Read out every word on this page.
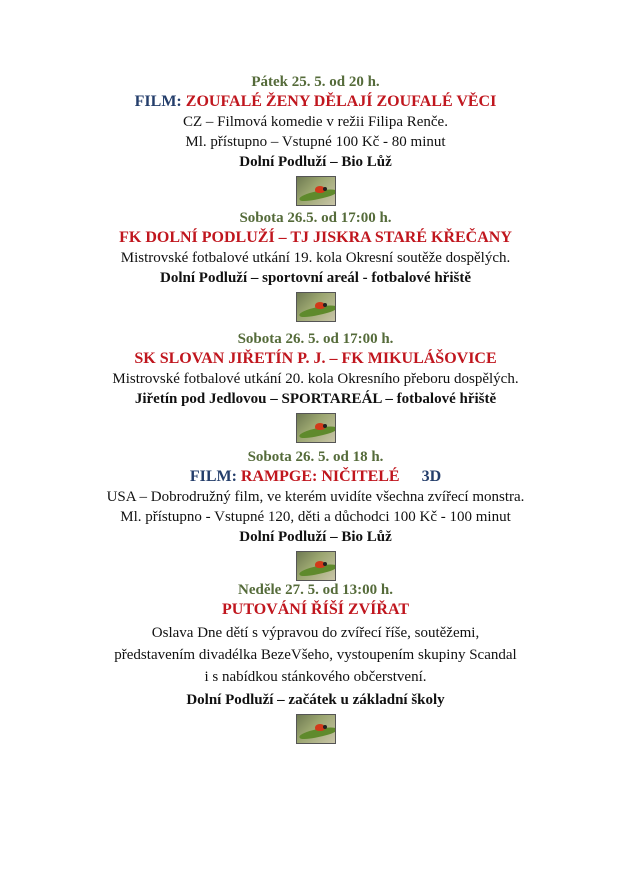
Pátek 25. 5. od 20 h.
FILM: ZOUFALÉ ŽENY DĚLAJÍ ZOUFALÉ VĚCI
CZ – Filmová komedie v režii Filipa Renče.
Ml. přístupno – Vstupné 100 Kč - 80 minut
Dolní Podluží – Bio Lůž
Sobota 26.5. od 17:00 h.
FK DOLNÍ PODLUŽÍ – TJ JISKRA STARÉ KŘEČANY
Mistrovské fotbalové utkání 19. kola Okresní soutěže dospělých.
Dolní Podluží – sportovní areál - fotbalové hřiště
Sobota 26. 5. od 17:00 h.
SK SLOVAN JIŘETÍN P. J. – FK MIKULÁŠOVICE
Mistrovské fotbalové utkání 20. kola Okresního přeboru dospělých.
Jiřetín pod Jedlovou – SPORTAREÁL – fotbalové hřiště
Sobota 26. 5. od 18 h.
FILM: RAMPGE: NIČITELÉ 3D
USA – Dobrodružný film, ve kterém uvidíte všechna zvířecí monstra.
Ml. přístupno - Vstupné 120, děti a důchodci 100 Kč - 100 minut
Dolní Podluží – Bio Lůž
Neděle 27. 5. od 13:00 h.
PUTOVÁNÍ ŘÍŠÍ ZVÍŘAT
Oslava Dne dětí s výpravou do zvířecí říše, soutěžemi,
představením divadélka BezeVšeho, vystoupením skupiny Scandal
i s nabídkou stánkového občerstvení.
Dolní Podluží – začátek u základní školy
